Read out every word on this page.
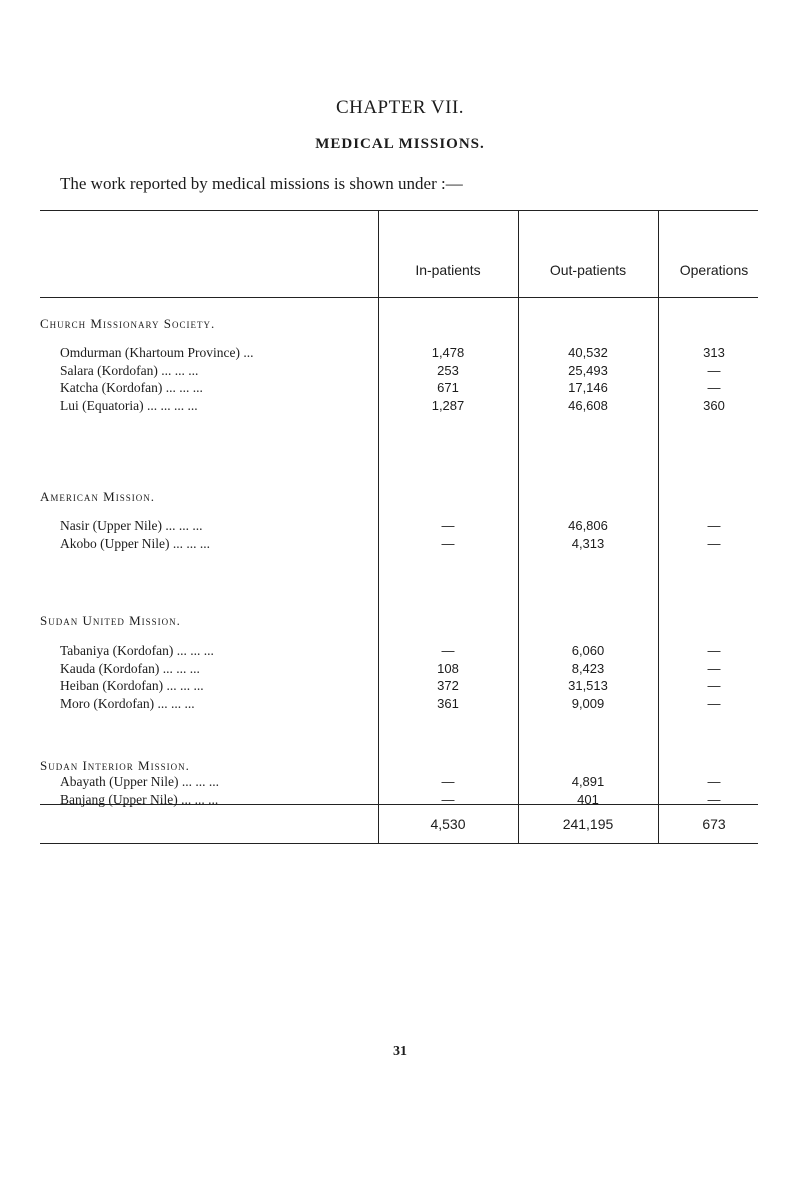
CHAPTER VII.
MEDICAL MISSIONS.
The work reported by medical missions is shown under :—
In-patients	Out-patients	Operations
Church Missionary Society.
Omdurman (Khartoum Province) ...	1,478	40,532	313
Salara (Kordofan) ... ... ...	253	25,493	—
Katcha (Kordofan) ... ... ...	671	17,146	—
Lui (Equatoria) ... ... ... ...	1,287	46,608	360
American Mission.
Nasir (Upper Nile) ... ... ...	—	46,806	—
Akobo (Upper Nile) ... ... ...	—	4,313	—
Sudan United Mission.
Tabaniya (Kordofan) ... ... ...	—	6,060	—
Kauda (Kordofan) ... ... ...	108	8,423	—
Heiban (Kordofan) ... ... ...	372	31,513	—
Moro (Kordofan) ... ... ...	361	9,009	—
Sudan Interior Mission.
Abayath (Upper Nile) ... ... ...	—	4,891	—
Banjang (Upper Nile) ... ... ...	—	401	—
4,530	241,195	673
31
